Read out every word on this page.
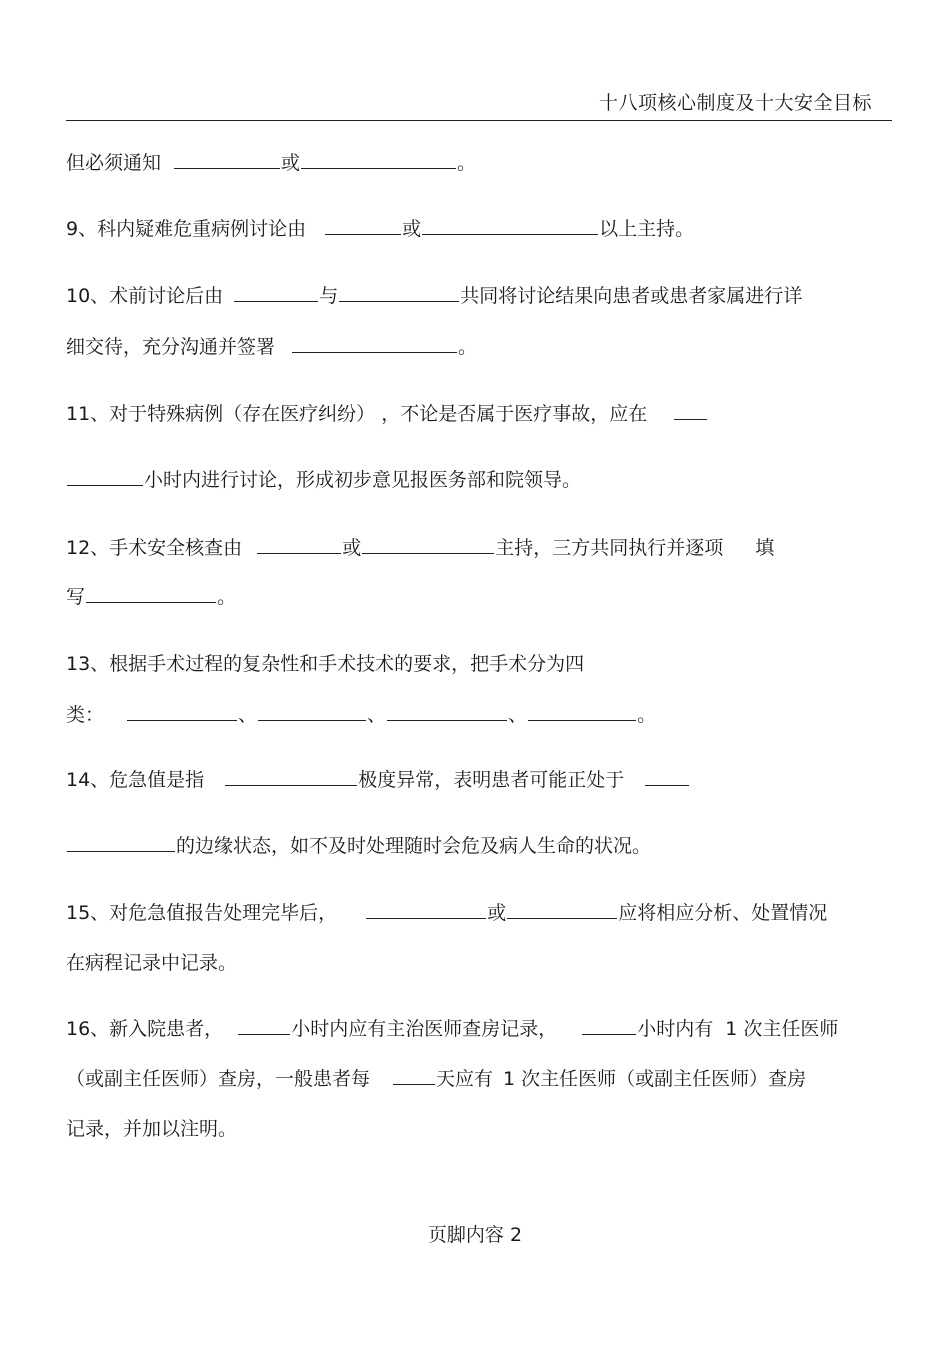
十八项核心制度及十大安全目标
但必须通知	或	。
9、科内疑难危重病例讨论由	或	以上主持。
10、术前讨论后由	与	共同将讨论结果向患者或患者家属进行详
细交待，充分沟通并签署	。
11、对于特殊病例（存在医疗纠纷） ，不论是否属于医疗事故，应在
小时内进行讨论，形成初步意见报医务部和院领导。
12、手术安全核查由	或	主持，三方共同执行并逐项 填
写	。
13、根据手术过程的复杂性和手术技术的要求，把手术分为四
类：	、	、	、	。
14、危急值是指	极度异常，表明患者可能正处于
的边缘状态，如不及时处理随时会危及病人生命的状况。
15、对危急值报告处理完毕后，	或	应将相应分析、处置情况
在病程记录中记录。
16、新入院患者，	小时内应有主治医师查房记录，	小时内有 1 次主任医师
（或副主任医师）查房，一般患者每	天应有 1 次主任医师（或副主任医师）查房
记录，并加以注明。
页脚内容 2
